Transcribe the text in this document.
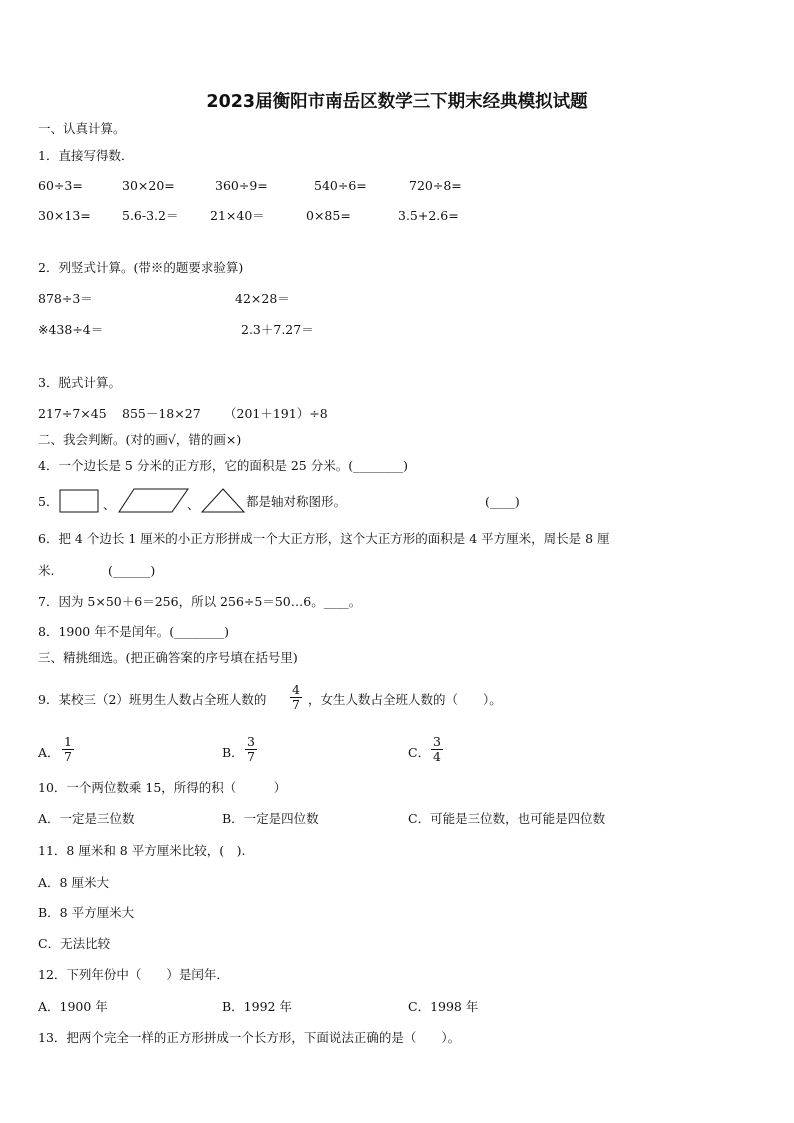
2023届衡阳市南岳区数学三下期末经典模拟试题
一、认真计算。
1．直接写得数．
60÷3=	30×20=	360÷9=	540÷6=	720÷8=
30×13= 5.6-3.2＝	21×40＝	0×85=	3.5+2.6=
2．列竖式计算。(带※的题要求验算)
878÷3＝	42×28＝
※438÷4＝	2.3＋7.27＝
3．脱式计算。
217÷7×45 855－18×27 （201＋191）÷8
二、我会判断。(对的画√，错的画×)
4．一个边长是 5 分米的正方形，它的面积是 25 分米。(________)
5．	、	、	都是轴对称图形。	(____)
6．把 4 个边长 1 厘米的小正方形拼成一个大正方形，这个大正方形的面积是 4 平方厘米，周长是 8 厘
米.	(______)
7．因为 5×50＋6＝256，所以 256÷5＝50…6。____。
8．1900 年不是闰年。(________)
三、精挑细选。(把正确答案的序号填在括号里)
9．某校三（2）班男生人数占全班人数的 $\frac{4}{7}$ ，女生人数占全班人数的（　　）。
A． $\frac{1}{7}$	B． $\frac{3}{7}$	C． $\frac{3}{4}$
10．一个两位数乘 15，所得的积（　　　）
A．一定是三位数	B．一定是四位数	C．可能是三位数，也可能是四位数
11．8 厘米和 8 平方厘米比较，(　).
A．8 厘米大
B．8 平方厘米大
C．无法比较
12．下列年份中（　　）是闰年．
A．1900 年	B．1992 年	C．1998 年
13．把两个完全一样的正方形拼成一个长方形，下面说法正确的是（　　）。
